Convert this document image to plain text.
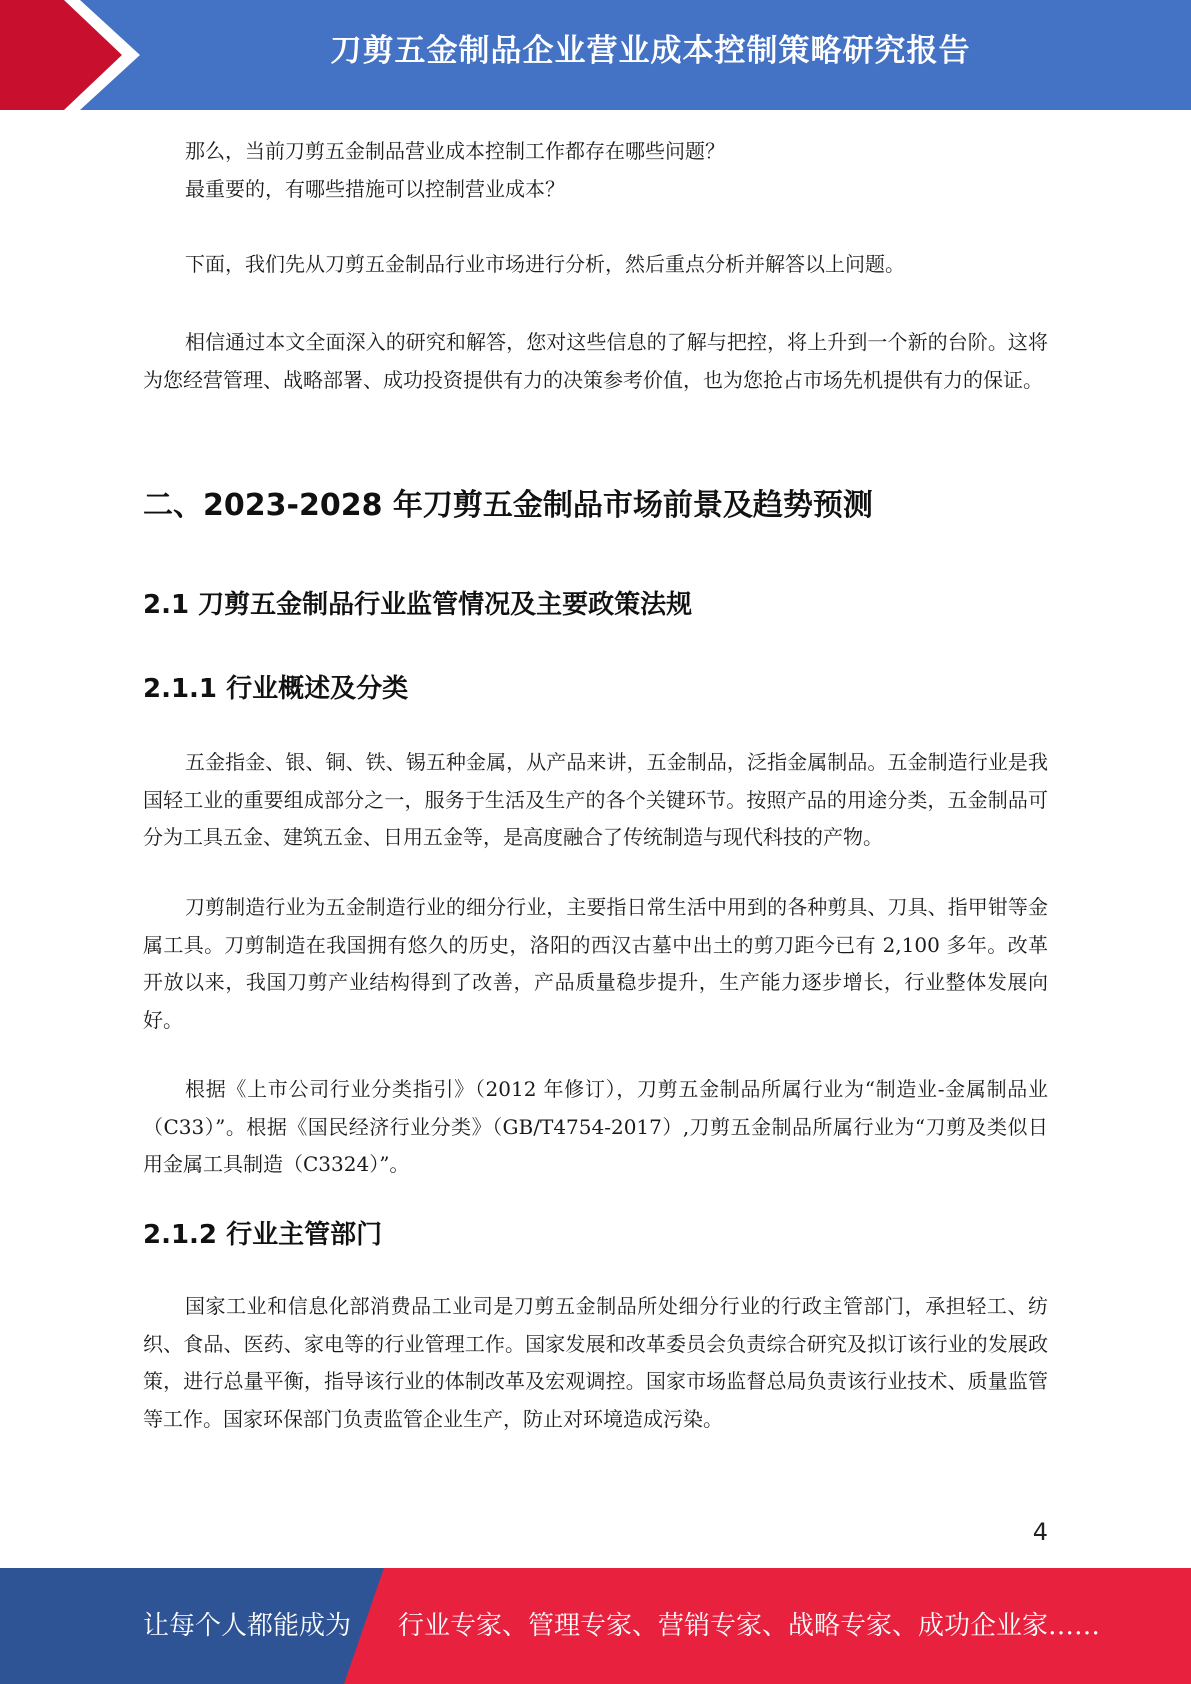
刀剪五金制品企业营业成本控制策略研究报告

那么，当前刀剪五金制品营业成本控制工作都存在哪些问题？

最重要的，有哪些措施可以控制营业成本？

下面，我们先从刀剪五金制品行业市场进行分析，然后重点分析并解答以上问题。

相信通过本文全面深入的研究和解答，您对这些信息的了解与把控，将上升到一个新的台阶。这将为您经营管理、战略部署、成功投资提供有力的决策参考价值，也为您抢占市场先机提供有力的保证。

二、2023-2028 年刀剪五金制品市场前景及趋势预测
2.1 刀剪五金制品行业监管情况及主要政策法规
2.1.1 行业概述及分类

五金指金、银、铜、铁、锡五种金属，从产品来讲，五金制品，泛指金属制品。五金制造行业是我国轻工业的重要组成部分之一，服务于生活及生产的各个关键环节。按照产品的用途分类，五金制品可分为工具五金、建筑五金、日用五金等，是高度融合了传统制造与现代科技的产物。

刀剪制造行业为五金制造行业的细分行业，主要指日常生活中用到的各种剪具、刀具、指甲钳等金属工具。刀剪制造在我国拥有悠久的历史，洛阳的西汉古墓中出土的剪刀距今已有 2,100 多年。改革开放以来，我国刀剪产业结构得到了改善，产品质量稳步提升，生产能力逐步增长，行业整体发展向好。

根据《上市公司行业分类指引》（2012 年修订），刀剪五金制品所属行业为“制造业-金属制品业（C33）”。根据《国民经济行业分类》（GB/T4754-2017）,刀剪五金制品所属行业为“刀剪及类似日用金属工具制造（C3324）”。

2.1.2 行业主管部门

国家工业和信息化部消费品工业司是刀剪五金制品所处细分行业的行政主管部门，承担轻工、纺织、食品、医药、家电等的行业管理工作。国家发展和改革委员会负责综合研究及拟订该行业的发展政策，进行总量平衡，指导该行业的体制改革及宏观调控。国家市场监督总局负责该行业技术、质量监管等工作。国家环保部门负责监管企业生产，防止对环境造成污染。

4
让每个人都能成为 行业专家、管理专家、营销专家、战略专家、成功企业家……
